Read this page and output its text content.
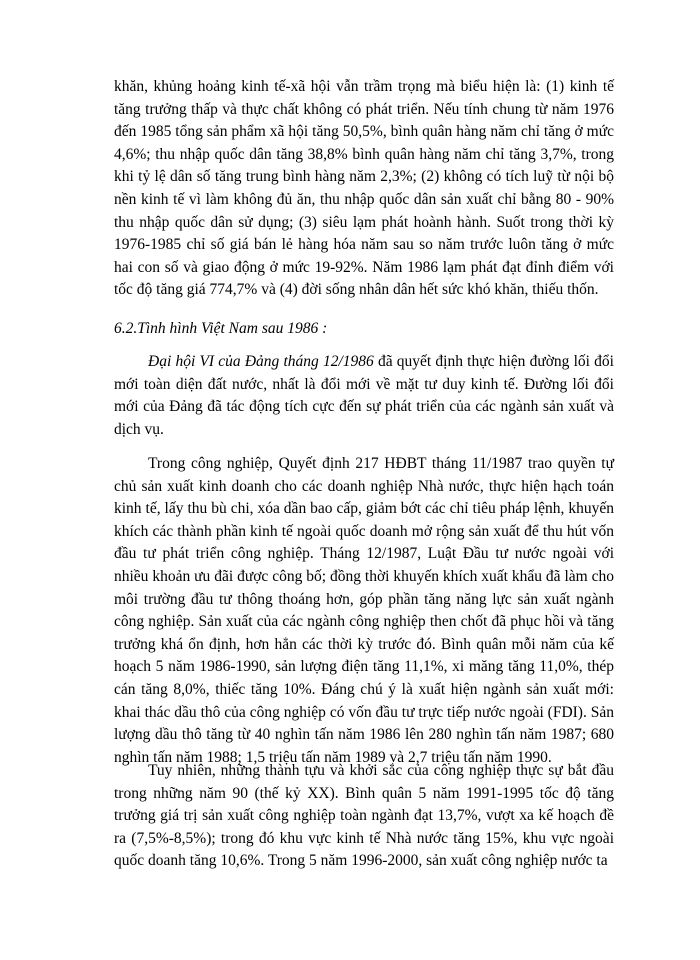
khăn, khủng hoảng kinh tế-xã hội vẫn trầm trọng mà biểu hiện là: (1) kinh tế tăng trưởng thấp và thực chất không có phát triển. Nếu tính chung từ năm 1976 đến 1985 tổng sản phẩm xã hội tăng 50,5%, bình quân hàng năm chỉ tăng ở mức 4,6%; thu nhập quốc dân tăng 38,8% bình quân hàng năm chỉ tăng 3,7%, trong khi tỷ lệ dân số tăng trung bình hàng năm 2,3%; (2) không có tích luỹ từ nội bộ nền kinh tế vì làm không đủ ăn, thu nhập quốc dân sản xuất chỉ bằng 80 - 90% thu nhập quốc dân sử dụng; (3) siêu lạm phát hoành hành. Suốt trong thời kỳ 1976-1985 chỉ số giá bán lẻ hàng hóa năm sau so năm trước luôn tăng ở mức hai con số và giao động ở mức 19-92%. Năm 1986 lạm phát đạt đỉnh điểm với tốc độ tăng giá 774,7% và (4) đời sống nhân dân hết sức khó khăn, thiếu thốn.

6.2.Tình hình Việt Nam sau 1986 :

Đại hội VI của Đảng tháng 12/1986 đã quyết định thực hiện đường lối đổi mới toàn diện đất nước, nhất là đổi mới về mặt tư duy kinh tế. Đường lối đổi mới của Đảng đã tác động tích cực đến sự phát triển của các ngành sản xuất và dịch vụ.

Trong công nghiệp, Quyết định 217 HĐBT tháng 11/1987 trao quyền tự chủ sản xuất kinh doanh cho các doanh nghiệp Nhà nước, thực hiện hạch toán kinh tế, lấy thu bù chi, xóa dần bao cấp, giảm bớt các chỉ tiêu pháp lệnh, khuyến khích các thành phần kinh tế ngoài quốc doanh mở rộng sản xuất để thu hút vốn đầu tư phát triển công nghiệp. Tháng 12/1987, Luật Đầu tư nước ngoài với nhiều khoản ưu đãi được công bố; đồng thời khuyến khích xuất khẩu đã làm cho môi trường đầu tư thông thoáng hơn, góp phần tăng năng lực sản xuất ngành công nghiệp. Sản xuất của các ngành công nghiệp then chốt đã phục hồi và tăng trưởng khá ổn định, hơn hẳn các thời kỳ trước đó. Bình quân mỗi năm của kế hoạch 5 năm 1986-1990, sản lượng điện tăng 11,1%, xi măng tăng 11,0%, thép cán tăng 8,0%, thiếc tăng 10%. Đáng chú ý là xuất hiện ngành sản xuất mới: khai thác dầu thô của công nghiệp có vốn đầu tư trực tiếp nước ngoài (FDI). Sản lượng dầu thô tăng từ 40 nghìn tấn năm 1986 lên 280 nghìn tấn năm 1987; 680 nghìn tấn năm 1988; 1,5 triệu tấn năm 1989 và 2,7 triệu tấn năm 1990.

Tuy nhiên, những thành tựu và khởi sắc của công nghiệp thực sự bắt đầu trong những năm 90 (thế kỷ XX). Bình quân 5 năm 1991-1995 tốc độ tăng trưởng giá trị sản xuất công nghiệp toàn ngành đạt 13,7%, vượt xa kế hoạch đề ra (7,5%-8,5%); trong đó khu vực kinh tế Nhà nước tăng 15%, khu vực ngoài quốc doanh tăng 10,6%. Trong 5 năm 1996-2000, sản xuất công nghiệp nước ta
